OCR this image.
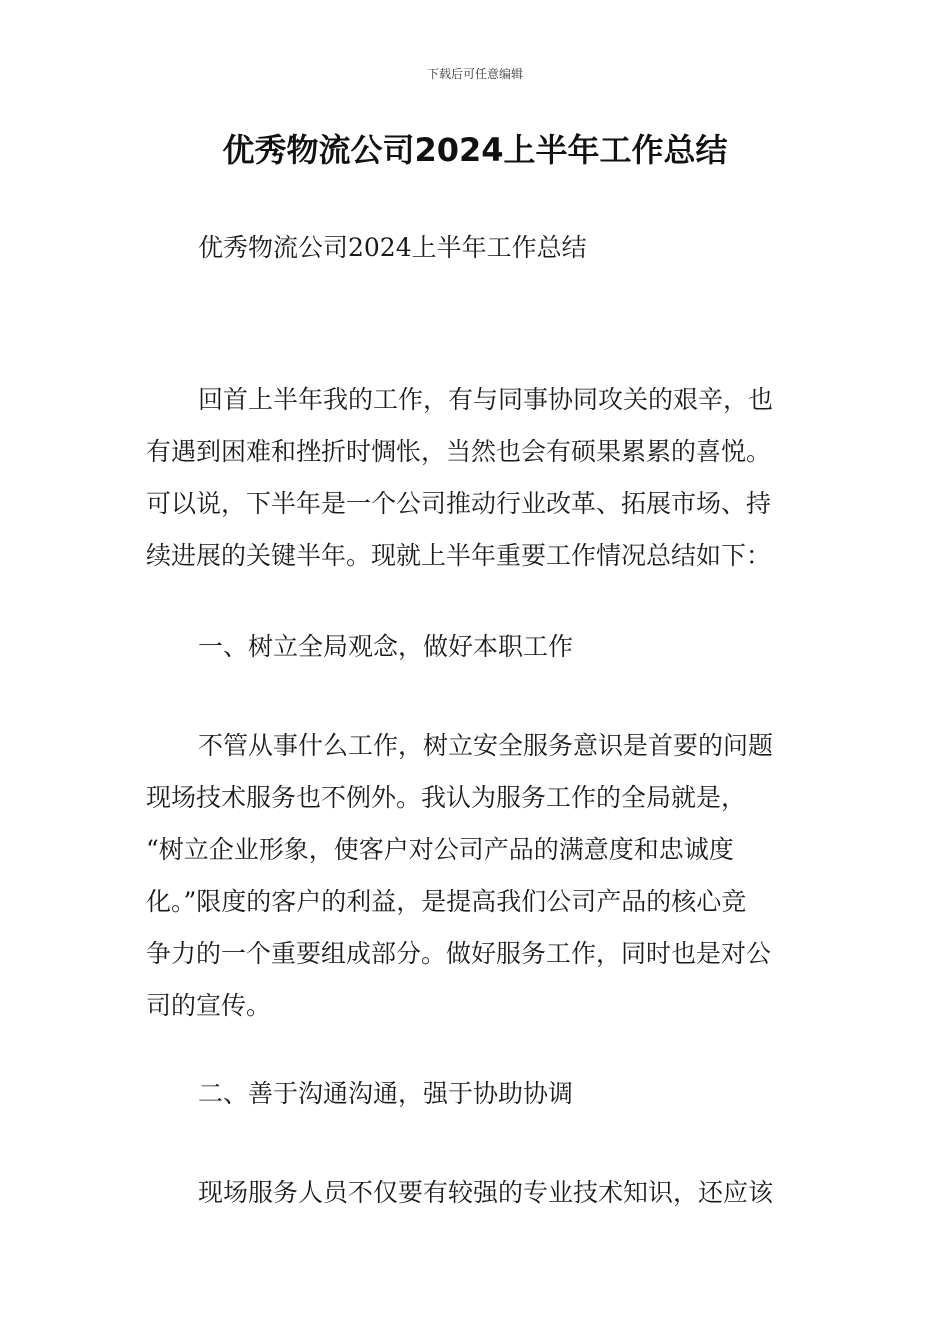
下载后可任意编辑
优秀物流公司2024上半年工作总结

优秀物流公司2024上半年工作总结

回首上半年我的工作，有与同事协同攻关的艰辛，也
有遇到困难和挫折时惆怅，当然也会有硕果累累的喜悦。
可以说，下半年是一个公司推动行业改革、拓展市场、持
续进展的关键半年。现就上半年重要工作情况总结如下：

一、树立全局观念，做好本职工作

不管从事什么工作，树立安全服务意识是首要的问题
现场技术服务也不例外。我认为服务工作的全局就是，
“树立企业形象，使客户对公司产品的满意度和忠诚度
化。”限度的客户的利益，是提高我们公司产品的核心竞
争力的一个重要组成部分。做好服务工作，同时也是对公
司的宣传。

二、善于沟通沟通，强于协助协调

现场服务人员不仅要有较强的专业技术知识，还应该
